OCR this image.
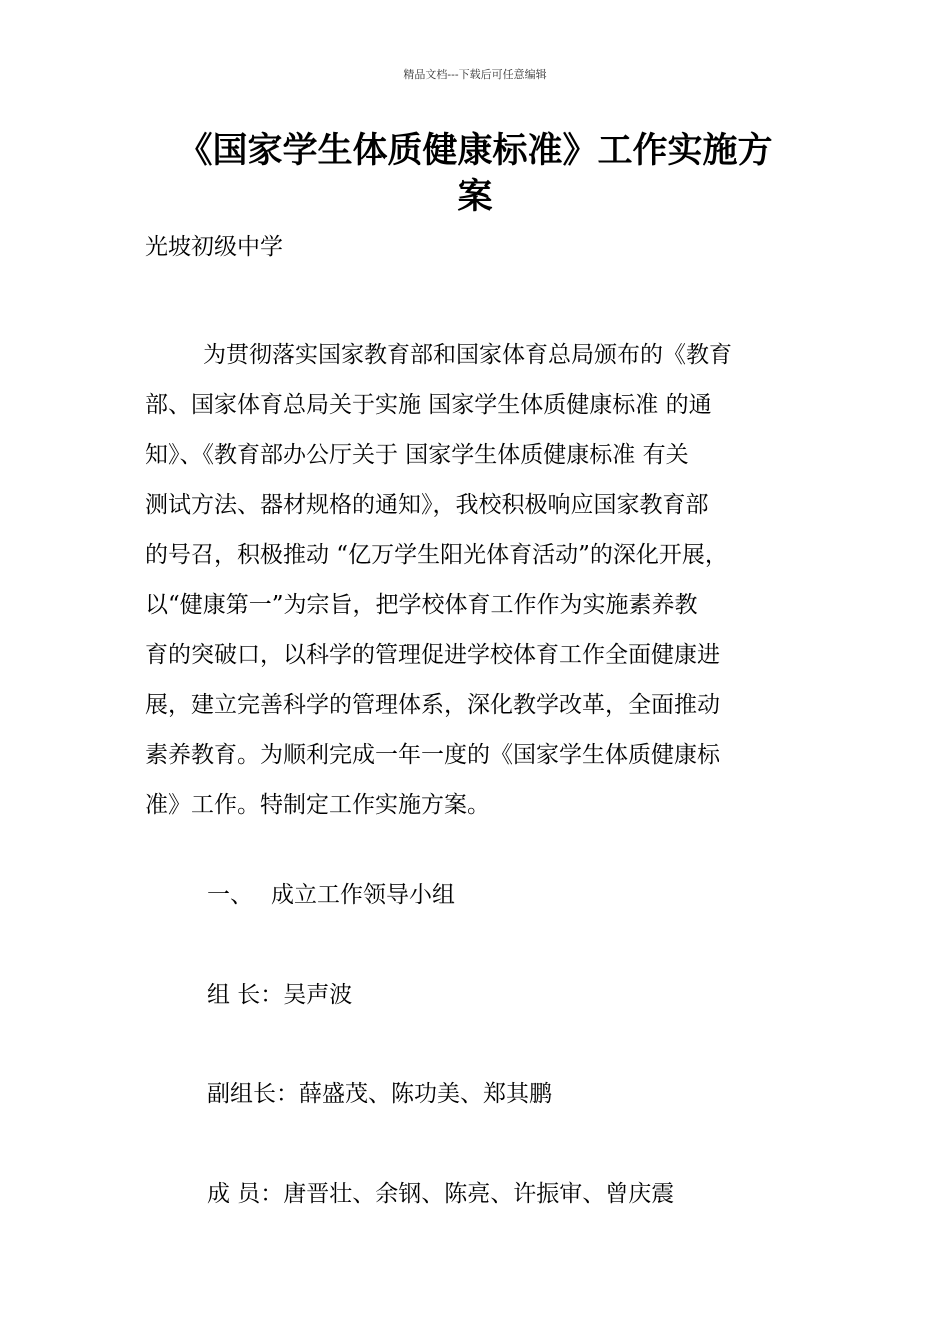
精品文档---下载后可任意编辑
《国家学生体质健康标准》工作实施方
案
光坡初级中学
为贯彻落实国家教育部和国家体育总局颁布的《教育
部、国家体育总局关于实施 国家学生体质健康标准 的通
知》、《教育部办公厅关于 国家学生体质健康标准 有关
测试方法、器材规格的通知》，我校积极响应国家教育部
的号召，积极推动 “亿万学生阳光体育活动”的深化开展，
以“健康第一”为宗旨，把学校体育工作作为实施素养教
育的突破口，以科学的管理促进学校体育工作全面健康进
展，建立完善科学的管理体系，深化教学改革，全面推动
素养教育。为顺利完成一年一度的《国家学生体质健康标
准》工作。特制定工作实施方案。
一、 成立工作领导小组
组 长：吴声波
副组长：薛盛茂、陈功美、郑其鹏
成 员：唐晋壮、余钢、陈亮、许振审、曾庆震
